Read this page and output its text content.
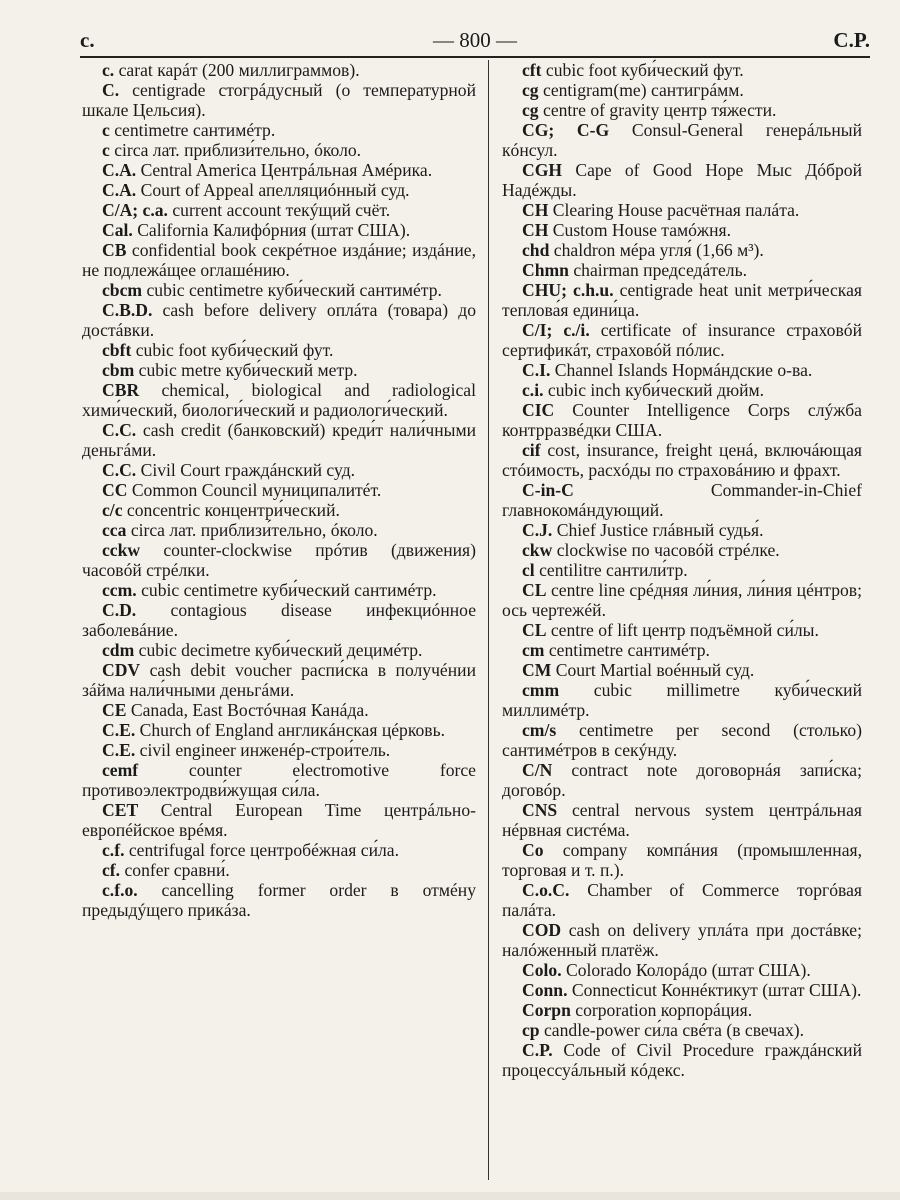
c.	— 800 —	C.P.

c. carat карáт (200 миллиграммов).

C. centigrade стогрáдусный (о температурной шкале Цельсия).

c centimetre сантимéтр.

c circa лат. приблизи́тельно, óколо.

C.A. Central America Центрáльная Амéрика.

C.A. Court of Appeal апелляциóнный суд.

C/A; c.a. current account текýщий счёт.

Cal. California Калифóрния (штат США).

CB confidential book секрéтное издáние; издáние, не подлежáщее оглашéнию.

cbcm cubic centimetre куби́ческий сантимéтр.

C.B.D. cash before delivery оплáта (товара) до достáвки.

cbft cubic foot куби́ческий фут.

cbm cubic metre куби́ческий метр.

CBR chemical, biological and radiological хими́ческий, биологи́ческий и радиологи́ческий.

C.C. cash credit (банковский) креди́т нали́чными деньгáми.

C.C. Civil Court граждáнский суд.

CC Common Council муниципалитéт.

c/c concentric концентри́ческий.

cca circa лат. приблизи́тельно, óколо.

cckw counter-clockwise прóтив (движения) часовóй стрéлки.

ccm. cubic centimetre куби́ческий сантимéтр.

C.D. contagious disease инфекциóнное заболевáние.

cdm cubic decimetre куби́ческий децимéтр.

CDV cash debit voucher распи́ска в получéнии зáйма нали́чными деньгáми.

CE Canada, East Востóчная Канáда.

C.E. Church of England англикáнская цéрковь.

C.E. civil engineer инженéр-строи́тель.

cemf counter electromotive force противоэлектродви́жущая си́ла.

CET Central European Time центрáльно-европéйское врéмя.

c.f. centrifugal force центробéжная си́ла.

cf. confer сравни́.

c.f.o. cancelling former order в отмéну предыдýщего прикáза.

cft cubic foot куби́ческий фут.

cg centigram(me) сантигрáмм.

cg centre of gravity центр тя́жести.

CG; C-G Consul-General генерáльный кóнсул.

CGH Cape of Good Hope Мыс Дóброй Надéжды.

CH Clearing House расчётная палáта.

CH Custom House тамóжня.

chd chaldron мéра угля́ (1,66 м³).

Chmn chairman председáтель.

CHU; c.h.u. centigrade heat unit метри́ческая теплова́я едини́ца.

C/I; c./i. certificate of insurance страховóй сертификáт, страховóй пóлис.

C.I. Channel Islands Нормáндские о-ва.

c.i. cubic inch куби́ческий дюйм.

CIC Counter Intelligence Corps слýжба контрразвéдки США.

cif cost, insurance, freight ценá, включáющая стóимость, расхóды по страховáнию и фрахт.

C-in-C Commander-in-Chief главнокомáндующий.

C.J. Chief Justice глáвный судья́.

ckw clockwise по часовóй стрéлке.

cl centilitre сантили́тр.

CL centre line срéдняя ли́ния, ли́ния цéнтров; ось чертежéй.

CL centre of lift центр подъёмной си́лы.

cm centimetre сантимéтр.

CM Court Martial воéнный суд.

cmm cubic millimetre куби́ческий миллимéтр.

cm/s centimetre per second (столько) сантимéтров в секýнду.

C/N contract note договорнáя запи́ска; договóр.

CNS central nervous system центрáльная нéрвная систéма.

Co company компáния (промышленная, торговая и т. п.).

C.o.C. Chamber of Commerce торгóвая палáта.

COD cash on delivery уплáта при достáвке; налóженный платёж.

Colo. Colorado Колорáдо (штат США).

Conn. Connecticut Коннéктикут (штат США).

Corpn corporation корпорáция.

cp candle-power си́ла свéта (в свечах).

C.P. Code of Civil Procedure граждáнский процессуáльный кóдекс.
